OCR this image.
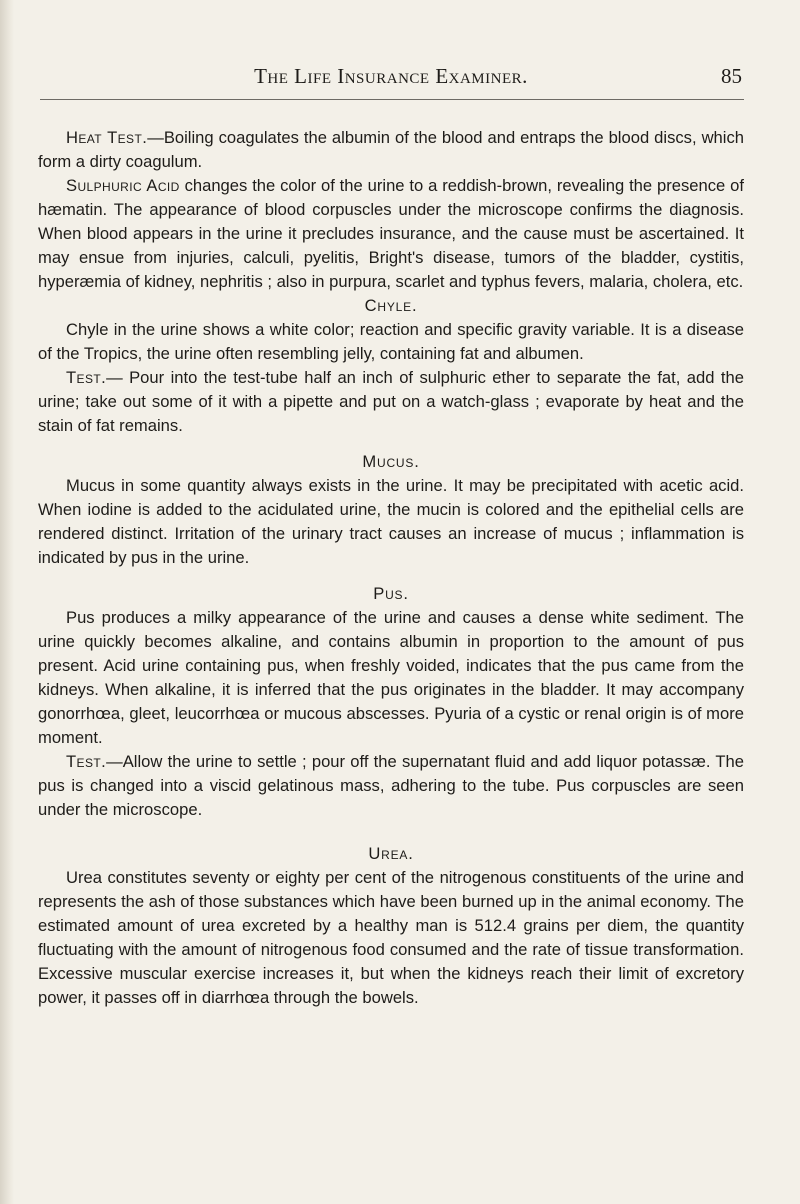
The Life Insurance Examiner.	85

Heat Test.—Boiling coagulates the albumin of the blood and entraps the blood discs, which form a dirty coagulum.

Sulphuric Acid changes the color of the urine to a reddish-brown, revealing the presence of hæmatin. The appearance of blood corpuscles under the microscope confirms the diagnosis. When blood appears in the urine it precludes insurance, and the cause must be ascertained. It may ensue from injuries, calculi, pyelitis, Bright's disease, tumors of the bladder, cystitis, hyperæmia of kidney, nephritis ; also in purpura, scarlet and typhus fevers, malaria, cholera, etc.

Chyle.

Chyle in the urine shows a white color; reaction and specific gravity variable. It is a disease of the Tropics, the urine often resembling jelly, containing fat and albumen.

Test.— Pour into the test-tube half an inch of sulphuric ether to separate the fat, add the urine; take out some of it with a pipette and put on a watch-glass ; evaporate by heat and the stain of fat remains.

Mucus.

Mucus in some quantity always exists in the urine. It may be precipitated with acetic acid. When iodine is added to the acidulated urine, the mucin is colored and the epithelial cells are rendered distinct. Irritation of the urinary tract causes an increase of mucus ; inflammation is indicated by pus in the urine.

Pus.

Pus produces a milky appearance of the urine and causes a dense white sediment. The urine quickly becomes alkaline, and contains albumin in proportion to the amount of pus present. Acid urine containing pus, when freshly voided, indicates that the pus came from the kidneys. When alkaline, it is inferred that the pus originates in the bladder. It may accompany gonorrhœa, gleet, leucorrhœa or mucous abscesses. Pyuria of a cystic or renal origin is of more moment.

Test.—Allow the urine to settle ; pour off the supernatant fluid and add liquor potassæ. The pus is changed into a viscid gelatinous mass, adhering to the tube. Pus corpuscles are seen under the microscope.

Urea.

Urea constitutes seventy or eighty per cent of the nitrogenous constituents of the urine and represents the ash of those substances which have been burned up in the animal economy. The estimated amount of urea excreted by a healthy man is 512.4 grains per diem, the quantity fluctuating with the amount of nitrogenous food consumed and the rate of tissue transformation. Excessive muscular exercise increases it, but when the kidneys reach their limit of excretory power, it passes off in diarrhœa through the bowels.
